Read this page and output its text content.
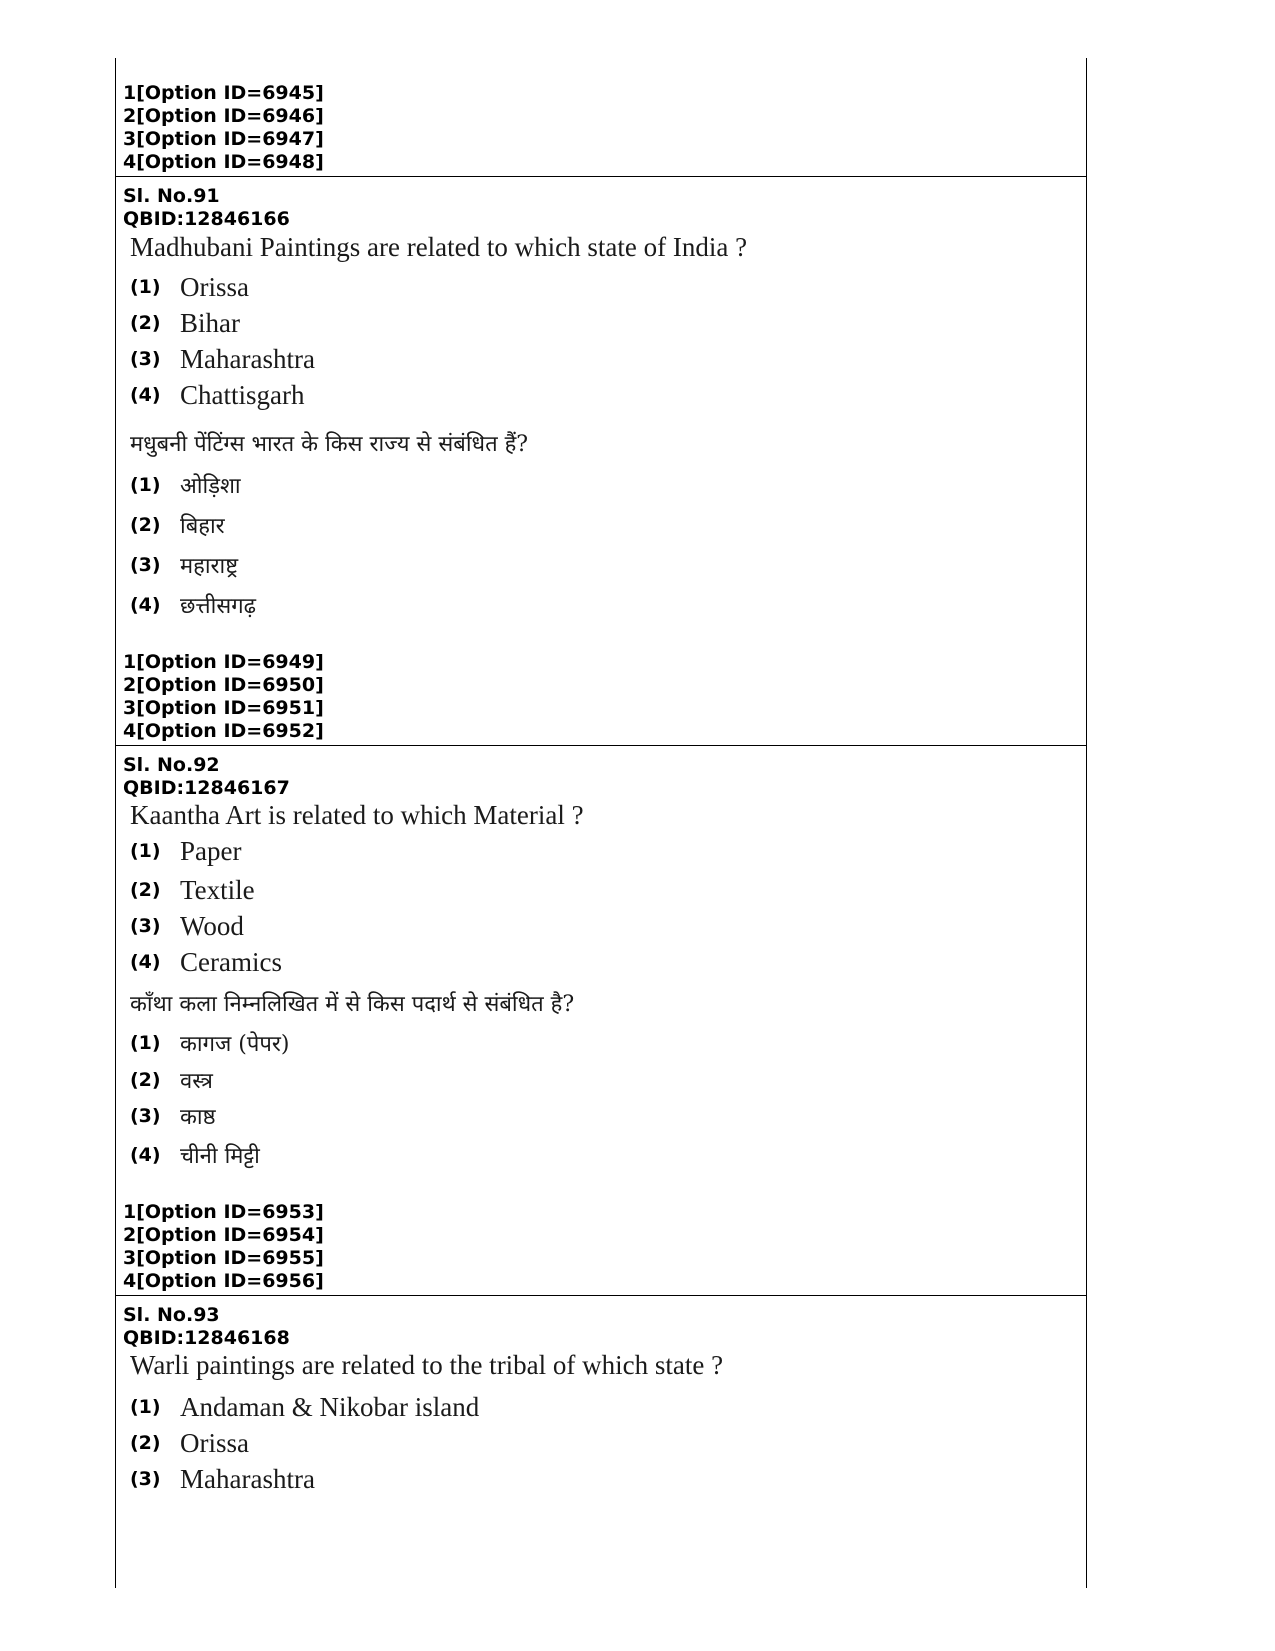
1[Option ID=6945]
2[Option ID=6946]
3[Option ID=6947]
4[Option ID=6948]
Sl. No.91
QBID:12846166
Madhubani Paintings are related to which state of India ?
(1) Orissa
(2) Bihar
(3) Maharashtra
(4) Chattisgarh
मधुबनी पेंटिंग्स भारत के किस राज्य से संबंधित हैं?
(1) ओड़िशा
(2) बिहार
(3) महाराष्ट्र
(4) छत्तीसगढ़
1[Option ID=6949]
2[Option ID=6950]
3[Option ID=6951]
4[Option ID=6952]
Sl. No.92
QBID:12846167
Kaantha Art is related to which Material ?
(1) Paper
(2) Textile
(3) Wood
(4) Ceramics
काँथा कला निम्नलिखित में से किस पदार्थ से संबंधित है?
(1) कागज (पेपर)
(2) वस्त्र
(3) काष्ठ
(4) चीनी मिट्टी
1[Option ID=6953]
2[Option ID=6954]
3[Option ID=6955]
4[Option ID=6956]
Sl. No.93
QBID:12846168
Warli paintings are related to the tribal of which state ?
(1) Andaman & Nikobar island
(2) Orissa
(3) Maharashtra
